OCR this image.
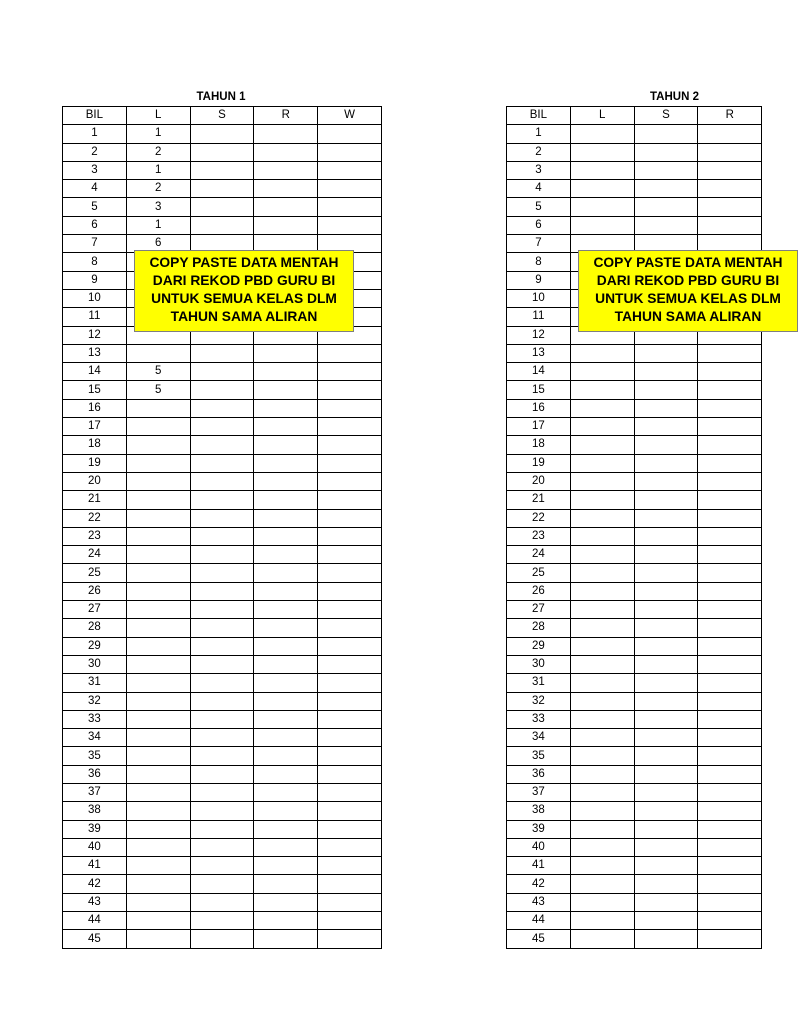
TAHUN 1
BIL	L	S	R	W
1	1			
2	2			
3	1			
4	2			
5	3			
6	1			
7	6			
8				
9				
10				
11				
12				
13				
14	5			
15	5			
16				
17				
18				
19				
20				
21				
22				
23				
24				
25				
26				
27				
28				
29				
30				
31				
32				
33				
34				
35				
36				
37				
38				
39				
40				
41				
42				
43				
44				
45				
TAHUN 2
BIL	L	S	R
1			
2			
3			
4			
5			
6			
7			
8			
9			
10			
11			
12			
13			
14			
15			
16			
17			
18			
19			
20			
21			
22			
23			
24			
25			
26			
27			
28			
29			
30			
31			
32			
33			
34			
35			
36			
37			
38			
39			
40			
41			
42			
43			
44			
45			
COPY PASTE DATA MENTAH
DARI REKOD PBD GURU BI
UNTUK SEMUA KELAS DLM
TAHUN SAMA ALIRAN
COPY PASTE DATA MENTAH
DARI REKOD PBD GURU BI
UNTUK SEMUA KELAS DLM
TAHUN SAMA ALIRAN
